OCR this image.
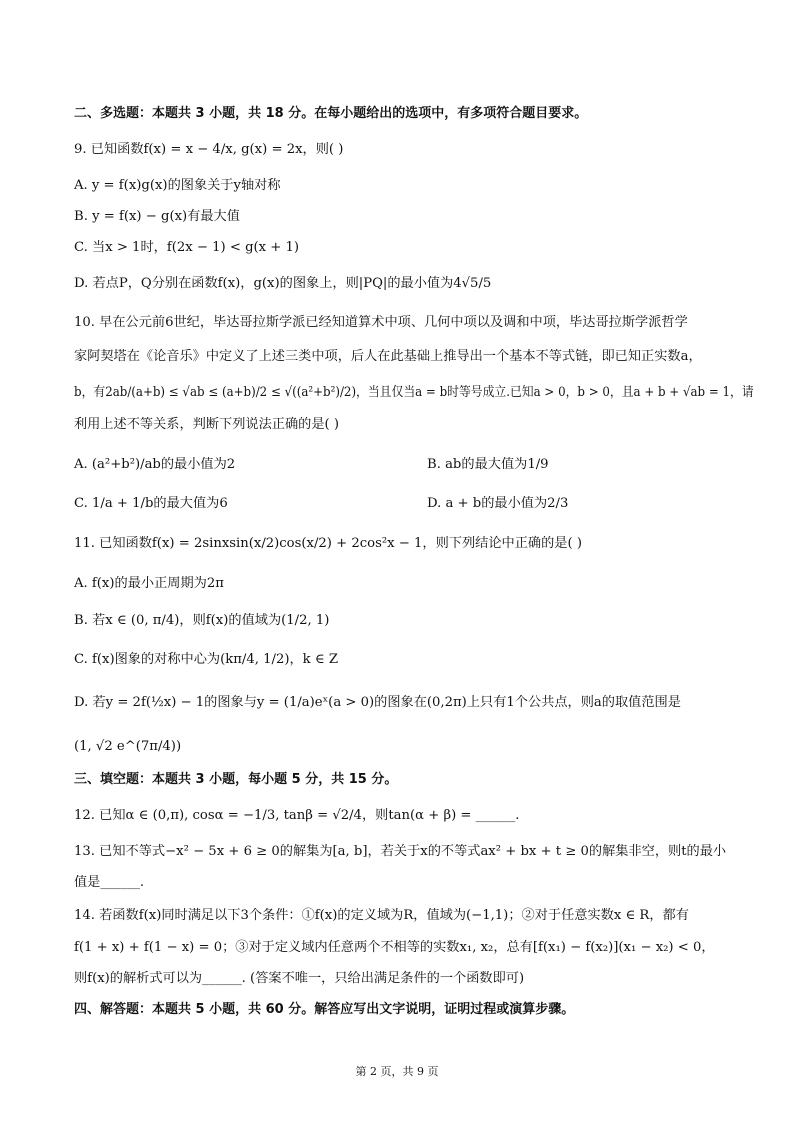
二、多选题：本题共 3 小题，共 18 分。在每小题给出的选项中，有多项符合题目要求。
9. 已知函数f(x) = x − 4/x, g(x) = 2x，则( )
A. y = f(x)g(x)的图象关于y轴对称
B. y = f(x) − g(x)有最大值
C. 当x > 1时，f(2x − 1) < g(x + 1)
D. 若点P，Q分别在函数f(x)，g(x)的图象上，则|PQ|的最小值为4√5/5
10. 早在公元前6世纪，毕达哥拉斯学派已经知道算术中项、几何中项以及调和中项，毕达哥拉斯学派哲学
家阿契塔在《论音乐》中定义了上述三类中项，后人在此基础上推导出一个基本不等式链，即已知正实数a，
b，有2ab/(a+b) ≤ √ab ≤ (a+b)/2 ≤ √((a²+b²)/2)，当且仅当a = b时等号成立.已知a > 0，b > 0，且a + b + √ab = 1，请
利用上述不等关系，判断下列说法正确的是( )
A. (a²+b²)/ab的最小值为2	B. ab的最大值为1/9
C. 1/a + 1/b的最大值为6	D. a + b的最小值为2/3
11. 已知函数f(x) = 2sinxsin(x/2)cos(x/2) + 2cos²x − 1，则下列结论中正确的是( )
A. f(x)的最小正周期为2π
B. 若x ∈ (0, π/4)，则f(x)的值域为(1/2, 1)
C. f(x)图象的对称中心为(kπ/4, 1/2)，k ∈ Z
D. 若y = 2f(½x) − 1的图象与y = (1/a)eˣ(a > 0)的图象在(0,2π)上只有1个公共点，则a的取值范围是
(1, √2 e^(7π/4))
三、填空题：本题共 3 小题，每小题 5 分，共 15 分。
12. 已知α ∈ (0,π), cosα = −1/3, tanβ = √2/4，则tan(α + β) = ______.
13. 已知不等式−x² − 5x + 6 ≥ 0的解集为[a, b]，若关于x的不等式ax² + bx + t ≥ 0的解集非空，则t的最小
值是______.
14. 若函数f(x)同时满足以下3个条件：①f(x)的定义域为R，值域为(−1,1)；②对于任意实数x ∈ R，都有
f(1 + x) + f(1 − x) = 0；③对于定义域内任意两个不相等的实数x₁, x₂，总有[f(x₁) − f(x₂)](x₁ − x₂) < 0，
则f(x)的解析式可以为______. (答案不唯一，只给出满足条件的一个函数即可)
四、解答题：本题共 5 小题，共 60 分。解答应写出文字说明，证明过程或演算步骤。
第 2 页，共 9 页
